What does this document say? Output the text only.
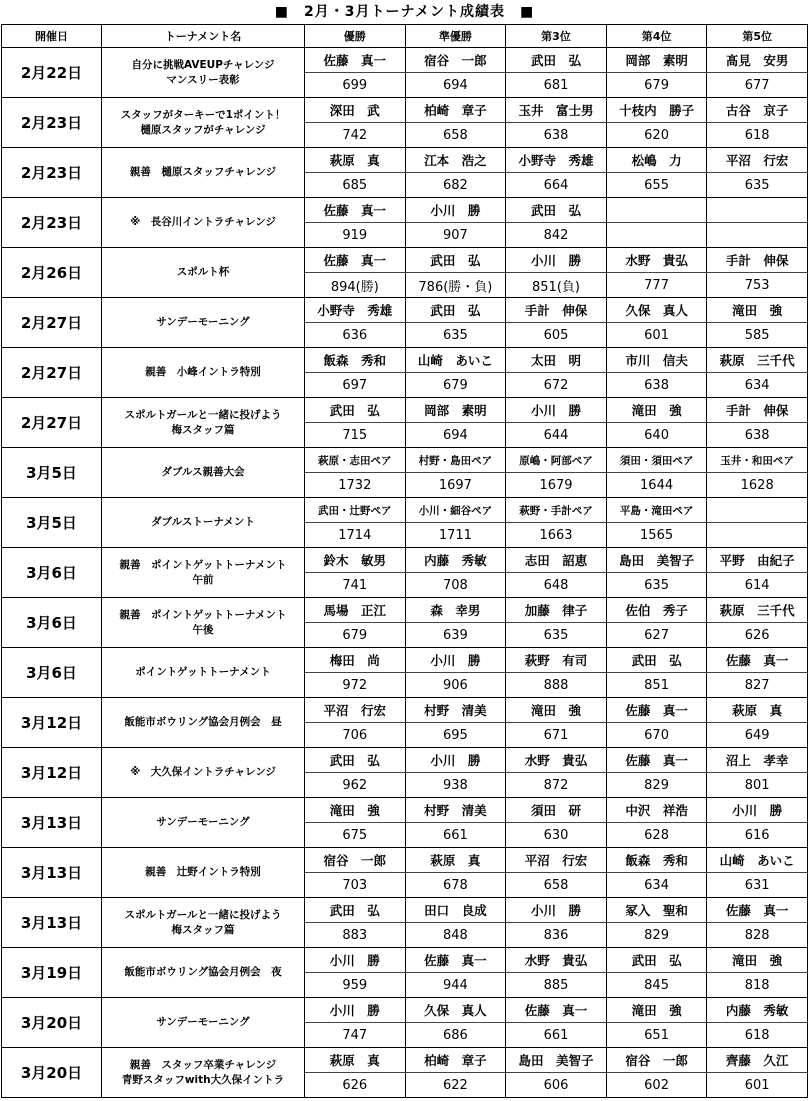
■　2月・3月トーナメント成績表　■
開催日	トーナメント名	優勝	準優勝	第3位	第4位	第5位
2月22日	自分に挑戦AVEUPチャレンジ
マンスリー表彰	佐藤　真一	宿谷　一郎	武田　弘	岡部　素明	髙見　安男
		699	694	681	679	677
2月23日	スタッフがターキーで1ポイント！
樋原スタッフがチャレンジ	深田　武	柏崎　章子	玉井　富士男	十枝内　勝子	古谷　京子
		742	658	638	620	618
2月23日	親善　樋原スタッフチャレンジ	萩原　真	江本　浩之	小野寺　秀雄	松嶋　力	平沼　行宏
		685	682	664	655	635
2月23日	※　長谷川イントラチャレンジ	佐藤　真一	小川　勝	武田　弘		
		919	907	842		
2月26日	スポルト杯	佐藤　真一	武田　弘	小川　勝	水野　貴弘	手計　伸保
		894(勝)	786(勝・負)	851(負)	777	753
2月27日	サンデーモーニング	小野寺　秀雄	武田　弘	手計　伸保	久保　真人	滝田　強
		636	635	605	601	585
2月27日	親善　小峰イントラ特別	飯森　秀和	山崎　あいこ	太田　明	市川　信夫	萩原　三千代
		697	679	672	638	634
2月27日	スポルトガールと一緒に投げよう
梅スタッフ篇	武田　弘	岡部　素明	小川　勝	滝田　強	手計　伸保
		715	694	644	640	638
3月5日	ダブルス親善大会	萩原・志田ペア	村野・島田ペア	原嶋・阿部ペア	須田・須田ペア	玉井・和田ペア
		1732	1697	1679	1644	1628
3月5日	ダブルストーナメント	武田・辻野ペア	小川・細谷ペア	萩野・手計ペア	平島・滝田ペア	
		1714	1711	1663	1565	
3月6日	親善　ポイントゲットトーナメント
午前	鈴木　敏男	内藤　秀敏	志田　詔恵	島田　美智子	平野　由紀子
		741	708	648	635	614
3月6日	親善　ポイントゲットトーナメント
午後	馬場　正江	森　幸男	加藤　律子	佐伯　秀子	萩原　三千代
		679	639	635	627	626
3月6日	ポイントゲットトーナメント	梅田　尚	小川　勝	萩野　有司	武田　弘	佐藤　真一
		972	906	888	851	827
3月12日	飯能市ボウリング協会月例会　昼	平沼　行宏	村野　清美	滝田　強	佐藤　真一	萩原　真
		706	695	671	670	649
3月12日	※　大久保イントラチャレンジ	武田　弘	小川　勝	水野　貴弘	佐藤　真一	沼上　孝幸
		962	938	872	829	801
3月13日	サンデーモーニング	滝田　強	村野　清美	須田　研	中沢　祥浩	小川　勝
		675	661	630	628	616
3月13日	親善　辻野イントラ特別	宿谷　一郎	萩原　真	平沼　行宏	飯森　秀和	山崎　あいこ
		703	678	658	634	631
3月13日	スポルトガールと一緒に投げよう
梅スタッフ篇	武田　弘	田口　良成	小川　勝	冢入　聖和	佐藤　真一
		883	848	836	829	828
3月19日	飯能市ボウリング協会月例会　夜	小川　勝	佐藤　真一	水野　貴弘	武田　弘	滝田　強
		959	944	885	845	818
3月20日	サンデーモーニング	小川　勝	久保　真人	佐藤　真一	滝田　強	内藤　秀敏
		747	686	661	651	618
3月20日	親善　スタッフ卒業チャレンジ
青野スタッフwith大久保イントラ	萩原　真	柏崎　章子	島田　美智子	宿谷　一郎	齊藤　久江
		626	622	606	602	601
